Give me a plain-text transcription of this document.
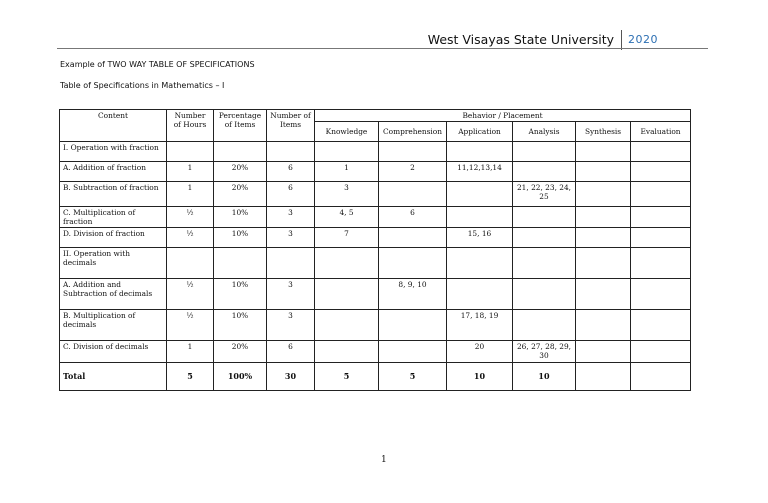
West Visayas State University	2020
Example of TWO WAY TABLE OF SPECIFICATIONS
Table of Specifications in Mathematics – I
Content	Number of Hours	Percentage of Items	Number of Items	Behavior / Placement					
				Knowledge	Comprehension	Application	Analysis	Synthesis	Evaluation
I. Operation with fraction									
A. Addition of fraction	1	20%	6	1	2	11,12,13,14			
B. Subtraction of fraction	1	20%	6	3			21, 22, 23, 24, 25		
C. Multiplication of fraction	½	10%	3	4, 5	6				
D. Division of fraction	½	10%	3	7		15, 16			
II. Operation with decimals									
A. Addition and Subtraction of decimals	½	10%	3		8, 9, 10				
B. Multiplication of decimals	½	10%	3			17, 18, 19			
C. Division of decimals	1	20%	6			20	26, 27, 28, 29, 30		
Total	5	100%	30	5	5	10	10		
1
